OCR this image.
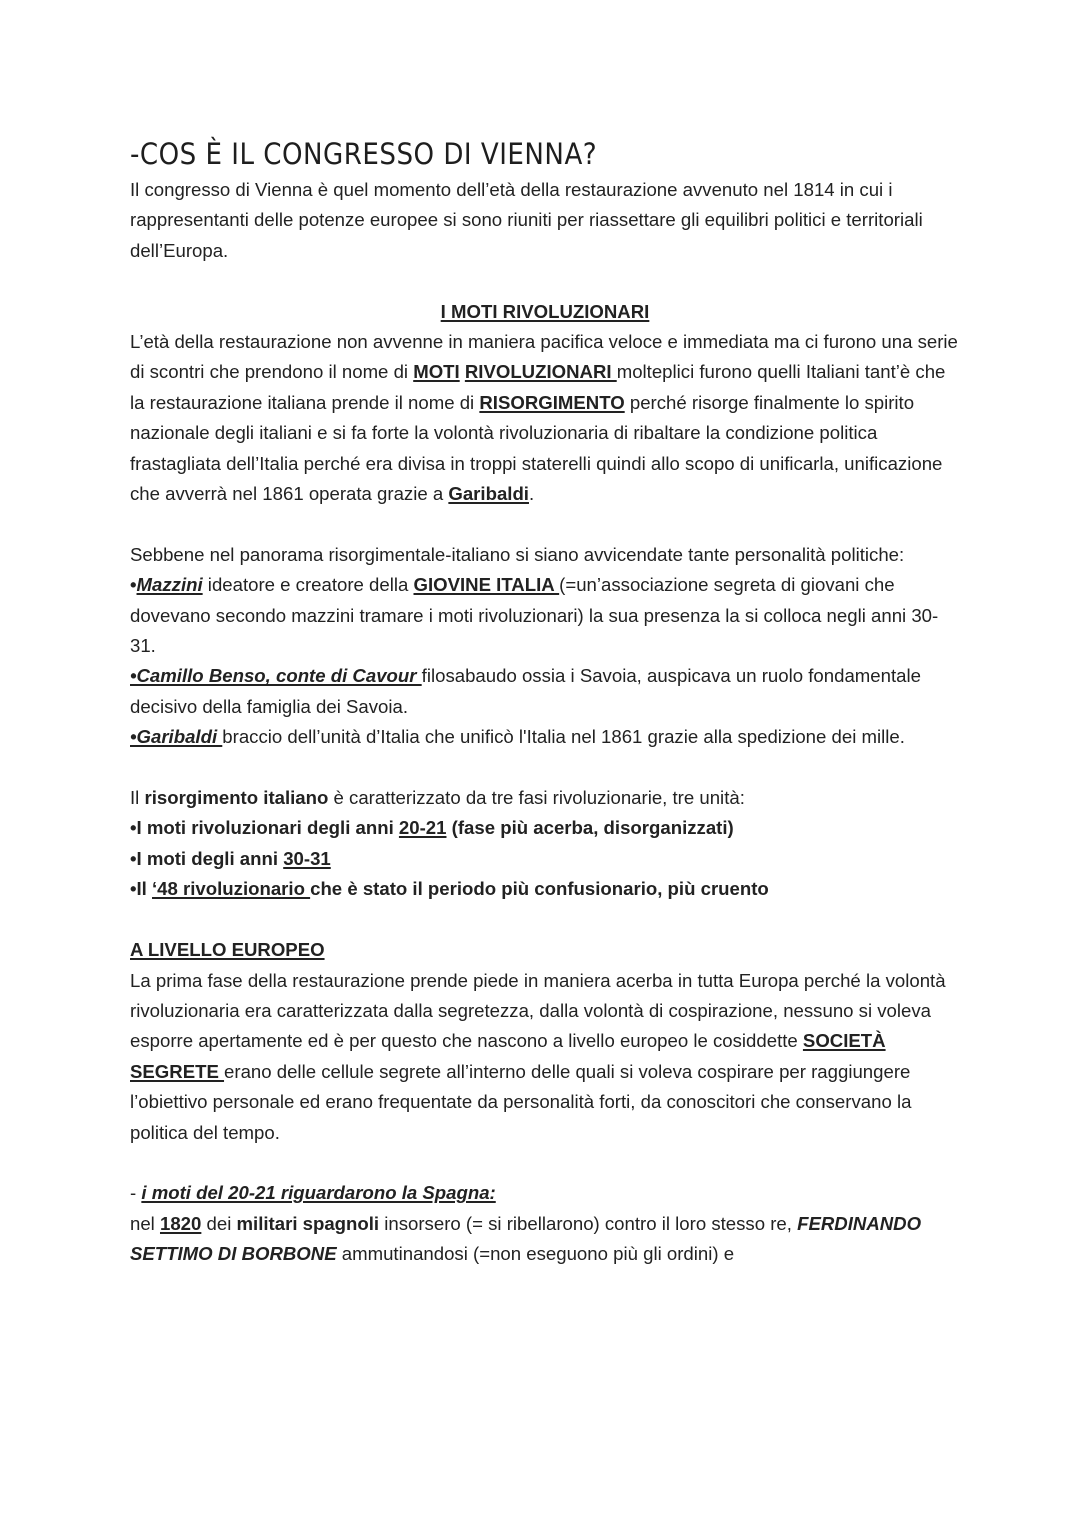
-COS È IL CONGRESSO DI VIENNA?

Il congresso di Vienna è quel momento dell’età della restaurazione avvenuto nel 1814 in cui i rappresentanti delle potenze europee si sono riuniti per riassettare gli equilibri politici e territoriali dell’Europa.

I MOTI RIVOLUZIONARI

L’età della restaurazione non avvenne in maniera pacifica veloce e immediata ma ci furono una serie di scontri che prendono il nome di MOTI RIVOLUZIONARI molteplici furono quelli Italiani tant’è che la restaurazione italiana prende il nome di RISORGIMENTO perché risorge finalmente lo spirito nazionale degli italiani e si fa forte la volontà rivoluzionaria di ribaltare la condizione politica frastagliata dell’Italia perché era divisa in troppi staterelli quindi allo scopo di unificarla, unificazione che avverrà nel 1861 operata grazie a Garibaldi.

Sebbene nel panorama risorgimentale-italiano si siano avvicendate tante personalità politiche:

•Mazzini ideatore e creatore della GIOVINE ITALIA (=un’associazione segreta di giovani che dovevano secondo mazzini tramare i moti rivoluzionari) la sua presenza la si colloca negli anni 30-31.

•Camillo Benso, conte di Cavour filosabaudo ossia i Savoia, auspicava un ruolo fondamentale decisivo della famiglia dei Savoia.

•Garibaldi braccio dell’unità d’Italia che unificò l'Italia nel 1861 grazie alla spedizione dei mille.

Il risorgimento italiano è caratterizzato da tre fasi rivoluzionarie, tre unità:

•I moti rivoluzionari degli anni 20-21 (fase più acerba, disorganizzati)

•I moti degli anni 30-31

•Il ‘48 rivoluzionario che è stato il periodo più confusionario, più cruento

A LIVELLO EUROPEO

La prima fase della restaurazione prende piede in maniera acerba in tutta Europa perché la volontà rivoluzionaria era caratterizzata dalla segretezza, dalla volontà di cospirazione, nessuno si voleva esporre apertamente ed è per questo che nascono a livello europeo le cosiddette SOCIETÀ SEGRETE erano delle cellule segrete all’interno delle quali si voleva cospirare per raggiungere l’obiettivo personale ed erano frequentate da personalità forti, da conoscitori che conservano la politica del tempo.

- i moti del 20-21 riguardarono la Spagna:

nel 1820 dei militari spagnoli insorsero (= si ribellarono) contro il loro stesso re, FERDINANDO SETTIMO DI BORBONE ammutinandosi (=non eseguono più gli ordini) e
